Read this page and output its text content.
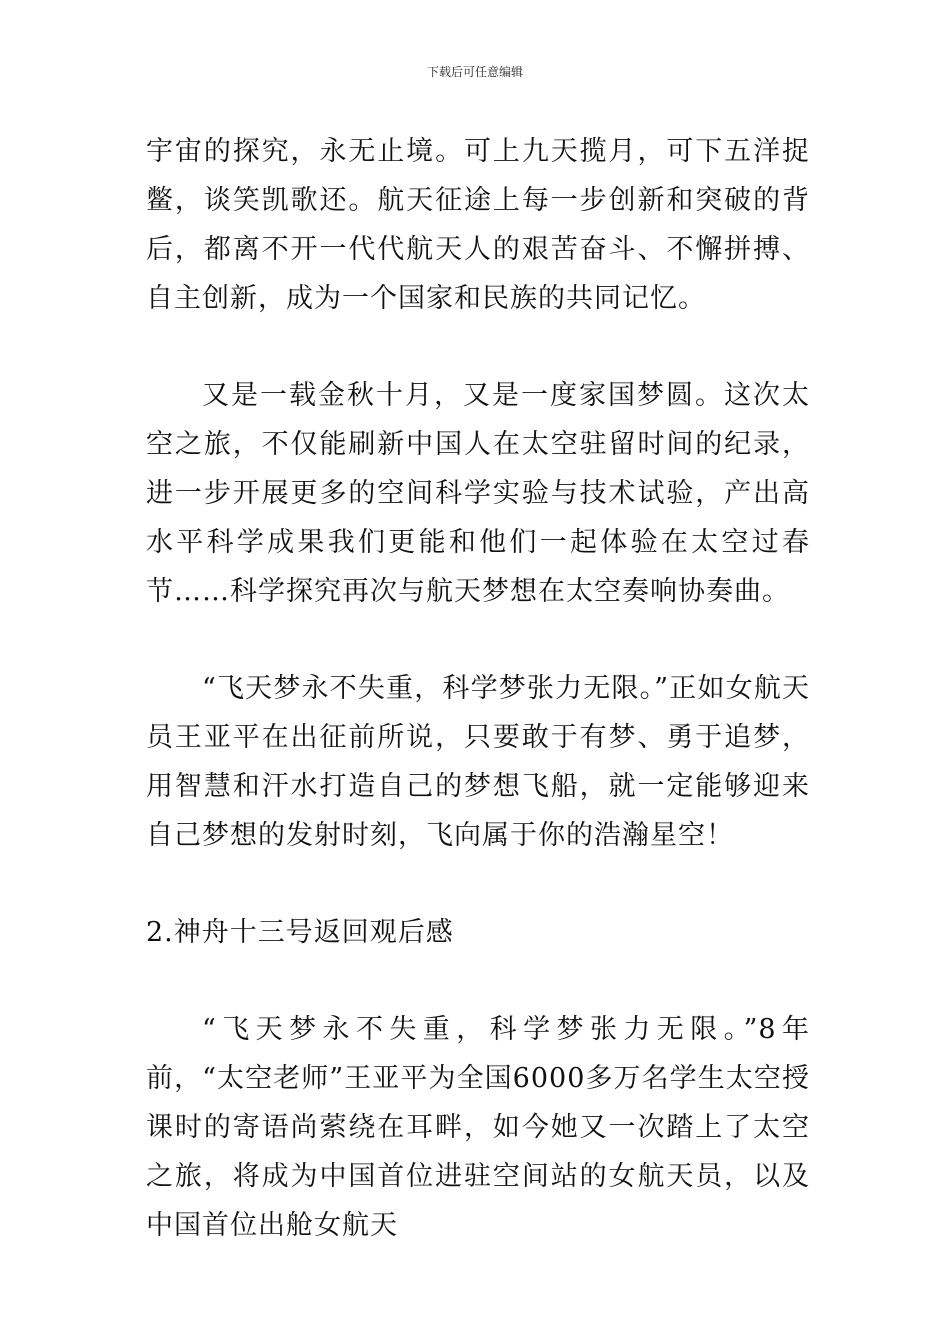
下载后可任意编辑

宇宙的探究，永无止境。可上九天揽月，可下五洋捉鳖，谈笑凯歌还。航天征途上每一步创新和突破的背后，都离不开一代代航天人的艰苦奋斗、不懈拼搏、自主创新，成为一个国家和民族的共同记忆。

又是一载金秋十月，又是一度家国梦圆。这次太空之旅，不仅能刷新中国人在太空驻留时间的纪录，进一步开展更多的空间科学实验与技术试验，产出高水平科学成果我们更能和他们一起体验在太空过春节……科学探究再次与航天梦想在太空奏响协奏曲。

“飞天梦永不失重，科学梦张力无限。”正如女航天员王亚平在出征前所说，只要敢于有梦、勇于追梦，用智慧和汗水打造自己的梦想飞船，就一定能够迎来自己梦想的发射时刻，飞向属于你的浩瀚星空！

2.神舟十三号返回观后感

“飞天梦永不失重，科学梦张力无限。”8年前，“太空老师”王亚平为全国6000多万名学生太空授课时的寄语尚萦绕在耳畔，如今她又一次踏上了太空之旅，将成为中国首位进驻空间站的女航天员，以及中国首位出舱女航天
